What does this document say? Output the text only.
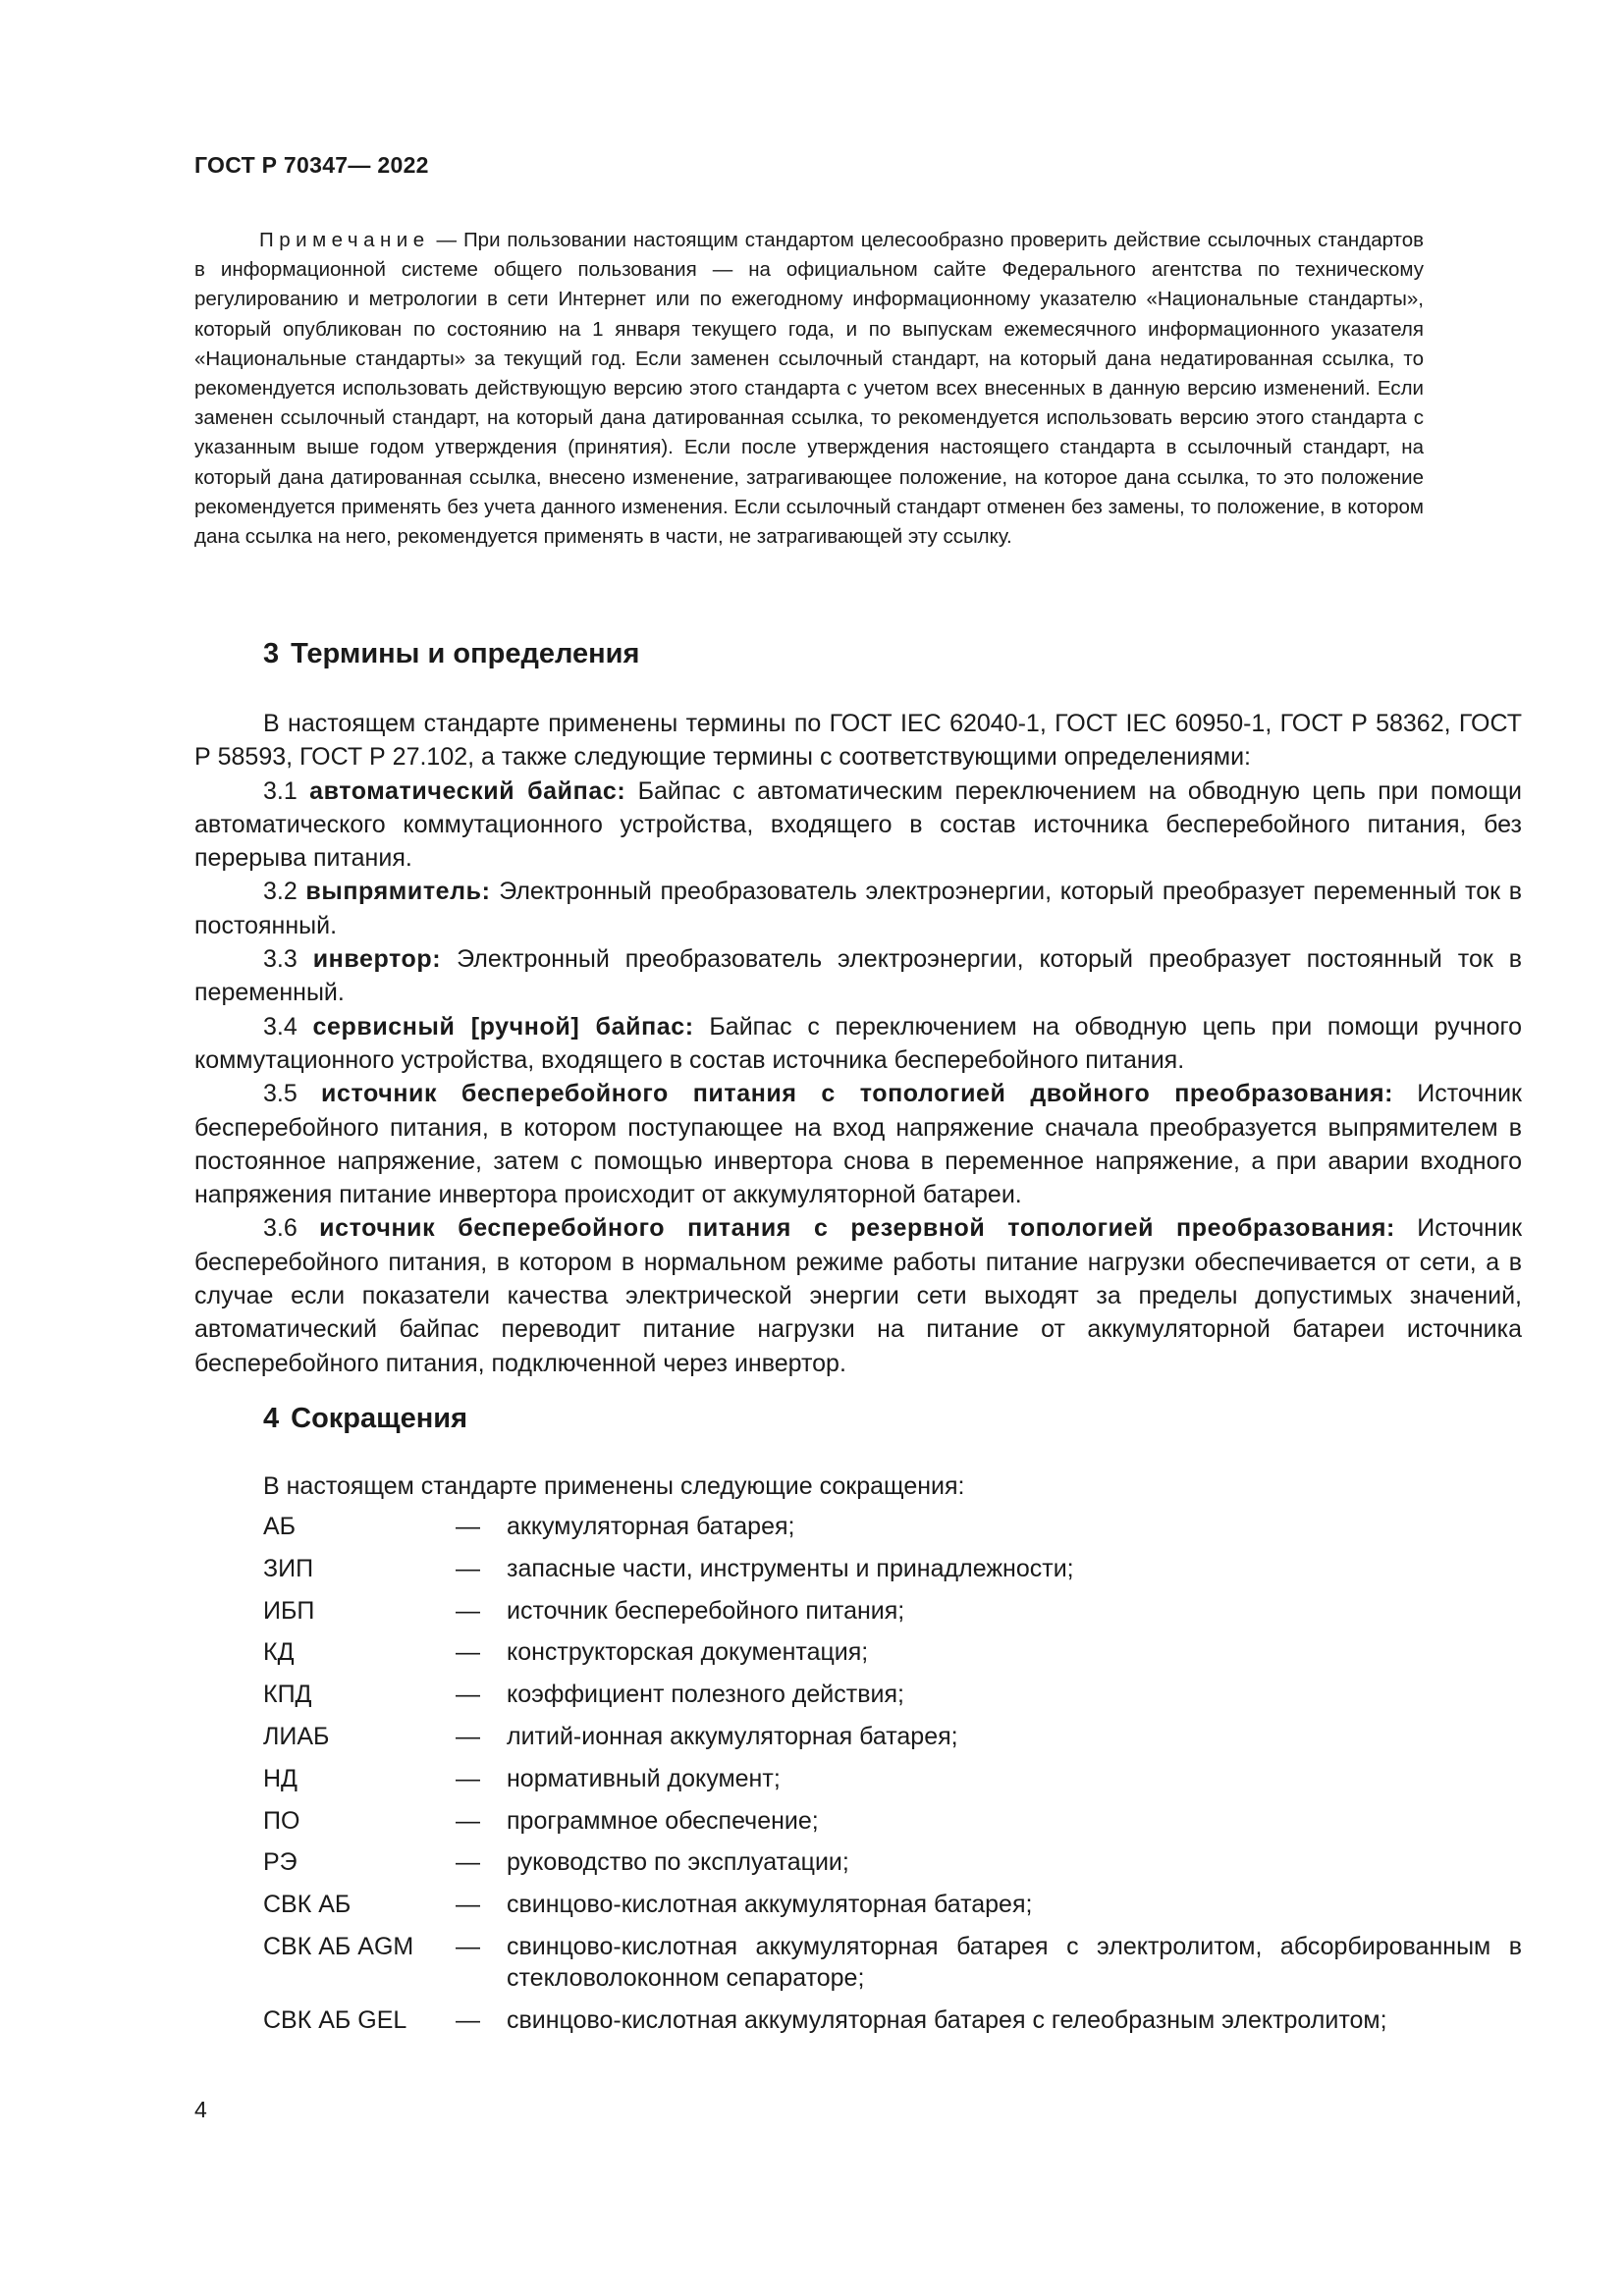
ГОСТ Р 70347— 2022

Примечание — При пользовании настоящим стандартом целесообразно проверить действие ссылочных стандартов в информационной системе общего пользования — на официальном сайте Федерального агентства по техническому регулированию и метрологии в сети Интернет или по ежегодному информационному указателю «Национальные стандарты», который опубликован по состоянию на 1 января текущего года, и по выпускам ежемесячного информационного указателя «Национальные стандарты» за текущий год. Если заменен ссылочный стандарт, на который дана недатированная ссылка, то рекомендуется использовать действующую версию этого стандарта с учетом всех внесенных в данную версию изменений. Если заменен ссылочный стандарт, на который дана датированная ссылка, то рекомендуется использовать версию этого стандарта с указанным выше годом утверждения (принятия). Если после утверждения настоящего стандарта в ссылочный стандарт, на который дана датированная ссылка, внесено изменение, затрагивающее положение, на которое дана ссылка, то это положение рекомендуется применять без учета данного изменения. Если ссылочный стандарт отменен без замены, то положение, в котором дана ссылка на него, рекомендуется применять в части, не затрагивающей эту ссылку.

3 Термины и определения

В настоящем стандарте применены термины по ГОСТ IEC 62040-1, ГОСТ IEC 60950-1, ГОСТ Р 58362, ГОСТ Р 58593, ГОСТ Р 27.102, а также следующие термины с соответствующими определениями:

3.1 автоматический байпас: Байпас с автоматическим переключением на обводную цепь при помощи автоматического коммутационного устройства, входящего в состав источника бесперебойного питания, без перерыва питания.

3.2 выпрямитель: Электронный преобразователь электроэнергии, который преобразует переменный ток в постоянный.

3.3 инвертор: Электронный преобразователь электроэнергии, который преобразует постоянный ток в переменный.

3.4 сервисный [ручной] байпас: Байпас с переключением на обводную цепь при помощи ручного коммутационного устройства, входящего в состав источника бесперебойного питания.

3.5 источник бесперебойного питания с топологией двойного преобразования: Источник бесперебойного питания, в котором поступающее на вход напряжение сначала преобразуется выпрямителем в постоянное напряжение, затем с помощью инвертора снова в переменное напряжение, а при аварии входного напряжения питание инвертора происходит от аккумуляторной батареи.

3.6 источник бесперебойного питания с резервной топологией преобразования: Источник бесперебойного питания, в котором в нормальном режиме работы питание нагрузки обеспечивается от сети, а в случае если показатели качества электрической энергии сети выходят за пределы допустимых значений, автоматический байпас переводит питание нагрузки на питание от аккумуляторной батареи источника бесперебойного питания, подключенной через инвертор.

4 Сокращения
В настоящем стандарте применены следующие сокращения:
АБ	—	аккумуляторная батарея;
ЗИП	—	запасные части, инструменты и принадлежности;
ИБП	—	источник бесперебойного питания;
КД	—	конструкторская документация;
КПД	—	коэффициент полезного действия;
ЛИАБ	—	литий-ионная аккумуляторная батарея;
НД	—	нормативный документ;
ПО	—	программное обеспечение;
РЭ	—	руководство по эксплуатации;
СВК АБ	—	свинцово-кислотная аккумуляторная батарея;
СВК АБ AGM	—	свинцово-кислотная аккумуляторная батарея с электролитом, абсорбированным в стекловолоконном сепараторе;
СВК АБ GEL	—	свинцово-кислотная аккумуляторная батарея с гелеобразным электролитом;
4
